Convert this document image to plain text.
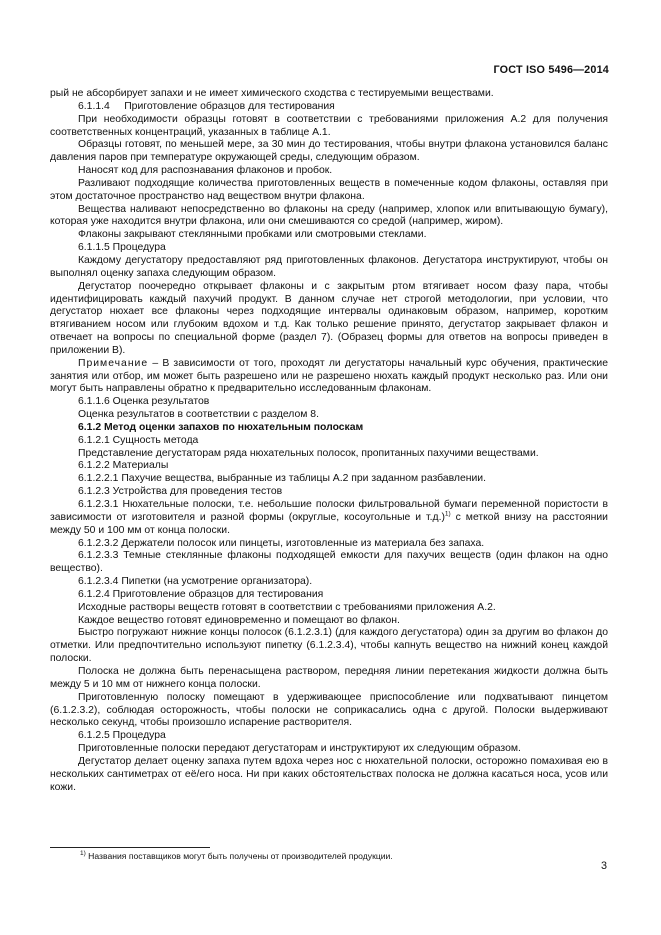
ГОСТ ISO 5496—2014

рый не абсорбирует запахи и не имеет химического сходства с тестируемыми веществами.

6.1.1.4     Приготовление образцов для тестирования

При необходимости образцы готовят в соответствии с требованиями приложения А.2 для получения соответственных концентраций, указанных в таблице А.1.

Образцы готовят, по меньшей мере, за 30 мин до тестирования, чтобы внутри флакона установился баланс давления паров при температуре окружающей среды, следующим образом.

Наносят код для распознавания флаконов и пробок.

Разливают подходящие количества приготовленных веществ в помеченные кодом флаконы, оставляя при этом достаточное пространство над веществом внутри флакона.

Вещества наливают непосредственно во флаконы на среду (например, хлопок или впитывающую бумагу), которая уже находится внутри флакона, или они смешиваются со средой (например, жиром).

Флаконы закрывают стеклянными пробками или смотровыми стеклами.

6.1.1.5 Процедура

Каждому дегустатору предоставляют ряд приготовленных флаконов. Дегустатора инструктируют, чтобы он выполнял оценку запаха следующим образом.

Дегустатор поочередно открывает флаконы и с закрытым ртом втягивает носом фазу пара, чтобы идентифицировать каждый пахучий продукт. В данном случае нет строгой методологии, при условии, что дегустатор нюхает все флаконы через подходящие интервалы одинаковым образом, например, коротким втягиванием носом или глубоким вдохом и т.д. Как только решение принято, дегустатор закрывает флакон и отвечает на вопросы по специальной форме (раздел 7). (Образец формы для ответов на вопросы приведен в приложении В).

Примечание – В зависимости от того, проходят ли дегустаторы начальный курс обучения, практические занятия или отбор, им может быть разрешено или не разрешено нюхать каждый продукт несколько раз. Или они могут быть направлены обратно к предварительно исследованным флаконам.

6.1.1.6 Оценка результатов

Оценка результатов в соответствии с разделом 8.

6.1.2 Метод оценки запахов по нюхательным полоскам

6.1.2.1 Сущность метода

Представление дегустаторам ряда нюхательных полосок, пропитанных пахучими веществами.

6.1.2.2 Материалы

6.1.2.2.1 Пахучие вещества, выбранные из таблицы А.2 при заданном разбавлении.

6.1.2.3 Устройства для проведения тестов

6.1.2.3.1 Нюхательные полоски, т.е. небольшие полоски фильтровальной бумаги переменной пористости в зависимости от изготовителя и разной формы (округлые, косоугольные и т.д.)$^{1)}$ с меткой внизу на расстоянии между 50 и 100 мм от конца полоски.

6.1.2.3.2 Держатели полосок или пинцеты, изготовленные из материала без запаха.

6.1.2.3.3 Темные стеклянные флаконы подходящей емкости для пахучих веществ (один флакон на одно вещество).

6.1.2.3.4 Пипетки (на усмотрение организатора).

6.1.2.4 Приготовление образцов для тестирования

Исходные растворы веществ готовят в соответствии с требованиями приложения А.2.

Каждое вещество готовят единовременно и помещают во флакон.

Быстро погружают нижние концы полосок (6.1.2.3.1) (для каждого дегустатора) один за другим во флакон до отметки. Или предпочтительно используют пипетку (6.1.2.3.4), чтобы капнуть вещество на нижний конец каждой полоски.

Полоска не должна быть перенасыщена раствором, передняя линии перетекания жидкости должна быть между 5 и 10 мм от нижнего конца полоски.

Приготовленную полоску помещают в удерживающее приспособление или подхватывают пинцетом (6.1.2.3.2), соблюдая осторожность, чтобы полоски не соприкасались одна с другой. Полоски выдерживают несколько секунд, чтобы произошло испарение растворителя.

6.1.2.5 Процедура

Приготовленные полоски передают дегустаторам и инструктируют их следующим образом.

Дегустатор делает оценку запаха путем вдоха через нос с нюхательной полоски, осторожно помахивая ею в нескольких сантиметрах от её/его носа. Ни при каких обстоятельствах полоска не должна касаться носа, усов или кожи.

$^{1)}$ Названия поставщиков могут быть получены от производителей продукции.
3
